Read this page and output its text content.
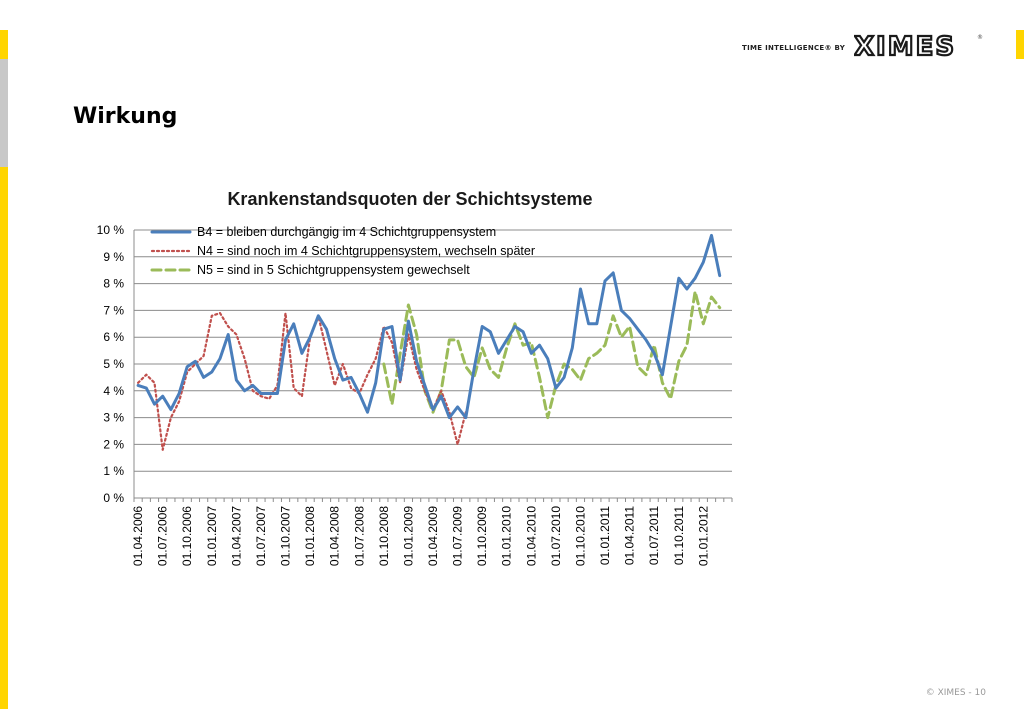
TIME INTELLIGENCE® BY XIMES	®
Wirkung
Krankenstandsquoten der Schichtsysteme
0 %
1 %
2 %
3 %
4 %
5 %
6 %
7 %
8 %
9 %
10 %
01.04.2006 01.07.2006 01.10.2006 01.01.2007 01.04.2007 01.07.2007 01.10.2007 01.01.2008 01.04.2008 01.07.2008 01.10.2008 01.01.2009 01.04.2009 01.07.2009 01.10.2009 01.01.2010 01.04.2010 01.07.2010 01.10.2010 01.01.2011 01.04.2011 01.07.2011 01.10.2011 01.01.2012
B4 = bleiben durchgängig im 4 Schichtgruppensystem
N4 = sind noch im 4 Schichtgruppensystem, wechseln später
N5 = sind in 5 Schichtgruppensystem gewechselt
© XIMES - 10
